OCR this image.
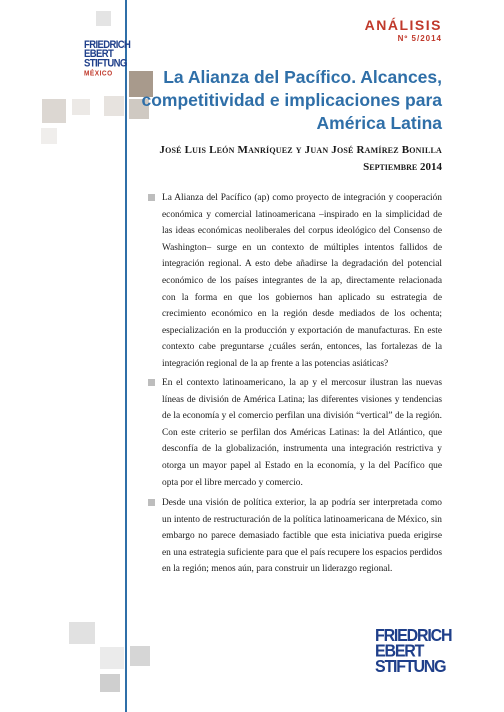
FRIEDRICH
EBERT
STIFTUNG
MÉXICO
ANÁLISIS
Nº 5/2014
La Alianza del Pacífico. Alcances, competitividad e implicaciones para América Latina
José Luis León Manríquez y Juan José Ramírez Bonilla
Septiembre 2014
La Alianza del Pacífico (ap) como proyecto de integración y cooperación económica y comercial latinoamericana –inspirado en la simplicidad de las ideas económicas neoliberales del corpus ideológico del Consenso de Washington– surge en un contexto de múltiples intentos fallidos de integración regional. A esto debe añadirse la degradación del potencial económico de los países integrantes de la ap, directamente relacionada con la forma en que los gobiernos han aplicado su estrategia de crecimiento económico en la región desde mediados de los ochenta; especialización en la producción y exportación de manufacturas. En este contexto cabe preguntarse ¿cuáles serán, entonces, las fortalezas de la integración regional de la ap frente a las potencias asiáticas?
En el contexto latinoamericano, la ap y el mercosur ilustran las nuevas líneas de división de América Latina; las diferentes visiones y tendencias de la economía y el comercio perfilan una división “vertical” de la región. Con este criterio se perfilan dos Américas Latinas: la del Atlántico, que desconfía de la globalización, instrumenta una integración restrictiva y otorga un mayor papel al Estado en la economía, y la del Pacífico que opta por el libre mercado y comercio.
Desde una visión de política exterior, la ap podría ser interpretada como un intento de restructuración de la política latinoamericana de México, sin embargo no parece demasiado factible que esta iniciativa pueda erigirse en una estrategia suficiente para que el país recupere los espacios perdidos en la región; menos aún, para construir un liderazgo regional.
FRIEDRICH
EBERT
STIFTUNG
